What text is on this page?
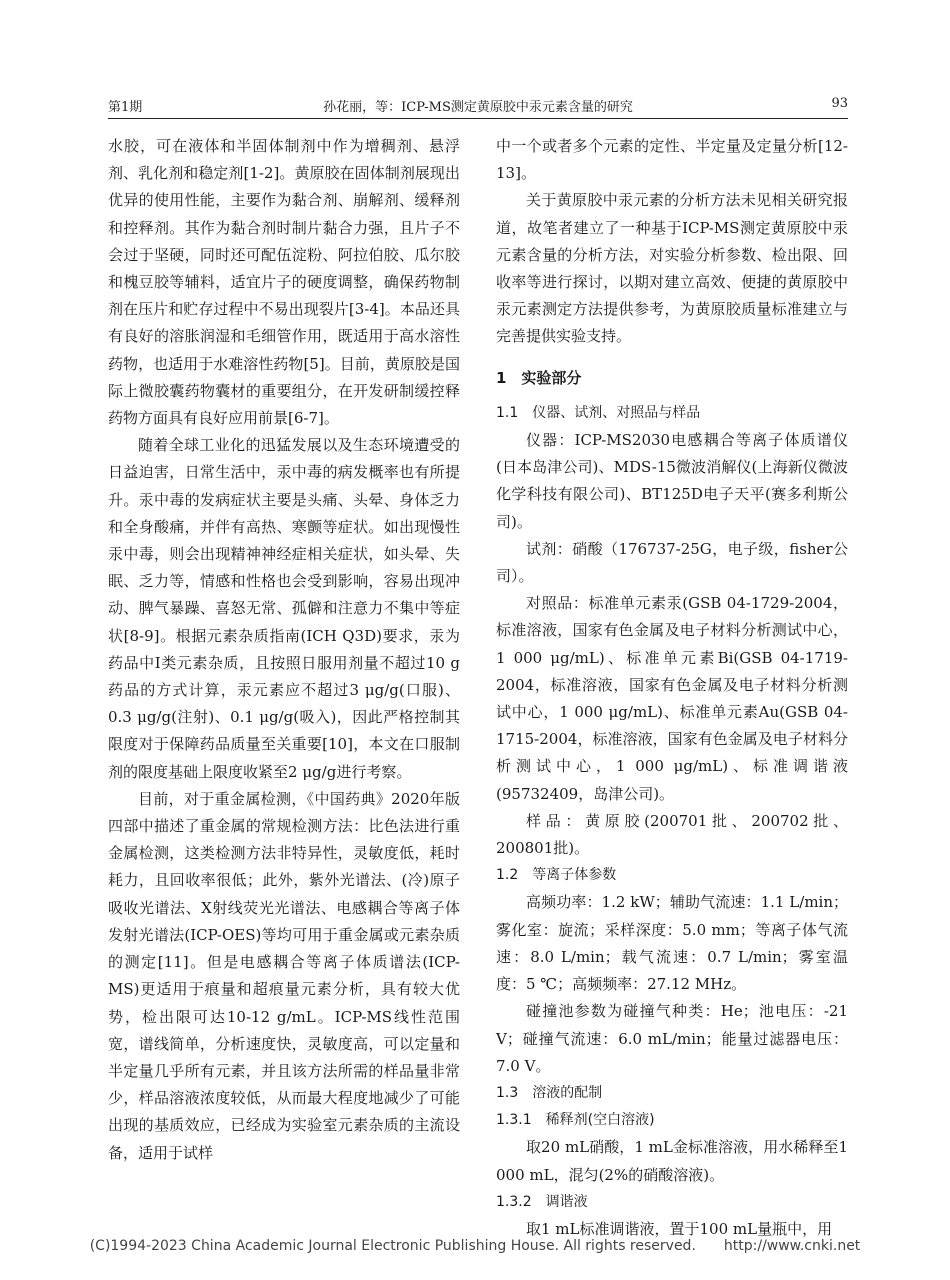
第1期	孙花丽，等：ICP-MS测定黄原胶中汞元素含量的研究	93

水胶，可在液体和半固体制剂中作为增稠剂、悬浮剂、乳化剂和稳定剂[1-2]。黄原胶在固体制剂展现出优异的使用性能，主要作为黏合剂、崩解剂、缓释剂和控释剂。其作为黏合剂时制片黏合力强，且片子不会过于坚硬，同时还可配伍淀粉、阿拉伯胶、瓜尔胶和槐豆胶等辅料，适宜片子的硬度调整，确保药物制剂在压片和贮存过程中不易出现裂片[3-4]。本品还具有良好的溶胀润湿和毛细管作用，既适用于高水溶性药物，也适用于水难溶性药物[5]。目前，黄原胶是国际上微胶囊药物囊材的重要组分，在开发研制缓控释药物方面具有良好应用前景[6-7]。

随着全球工业化的迅猛发展以及生态环境遭受的日益迫害，日常生活中，汞中毒的病发概率也有所提升。汞中毒的发病症状主要是头痛、头晕、身体乏力和全身酸痛，并伴有高热、寒颤等症状。如出现慢性汞中毒，则会出现精神神经症相关症状，如头晕、失眠、乏力等，情感和性格也会受到影响，容易出现冲动、脾气暴躁、喜怒无常、孤僻和注意力不集中等症状[8-9]。根据元素杂质指南(ICH Q3D)要求，汞为药品中Ⅰ类元素杂质，且按照日服用剂量不超过10 g药品的方式计算，汞元素应不超过3 μg/g(口服)、0.3 μg/g(注射)、0.1 μg/g(吸入)，因此严格控制其限度对于保障药品质量至关重要[10]，本文在口服制剂的限度基础上限度收紧至2 μg/g进行考察。

目前，对于重金属检测，《中国药典》2020年版四部中描述了重金属的常规检测方法：比色法进行重金属检测，这类检测方法非特异性，灵敏度低，耗时耗力，且回收率很低；此外，紫外光谱法、(冷)原子吸收光谱法、X射线荧光光谱法、电感耦合等离子体发射光谱法(ICP-OES)等均可用于重金属或元素杂质的测定[11]。但是电感耦合等离子体质谱法(ICP-MS)更适用于痕量和超痕量元素分析，具有较大优势，检出限可达10-12 g/mL。ICP-MS线性范围宽，谱线简单，分析速度快，灵敏度高，可以定量和半定量几乎所有元素，并且该方法所需的样品量非常少，样品溶液浓度较低，从而最大程度地减少了可能出现的基质效应，已经成为实验室元素杂质的主流设备，适用于试样

中一个或者多个元素的定性、半定量及定量分析[12-13]。

关于黄原胶中汞元素的分析方法未见相关研究报道，故笔者建立了一种基于ICP-MS测定黄原胶中汞元素含量的分析方法，对实验分析参数、检出限、回收率等进行探讨，以期对建立高效、便捷的黄原胶中汞元素测定方法提供参考，为黄原胶质量标准建立与完善提供实验支持。

1　实验部分

1.1　仪器、试剂、对照品与样品

仪器：ICP-MS2030电感耦合等离子体质谱仪(日本岛津公司)、MDS-15微波消解仪(上海新仪微波化学科技有限公司)、BT125D电子天平(赛多利斯公司)。

试剂：硝酸（176737-25G，电子级，fisher公司）。

对照品：标准单元素汞(GSB 04-1729-2004，标准溶液，国家有色金属及电子材料分析测试中心，1 000 μg/mL)、标准单元素Bi(GSB 04-1719-2004，标准溶液，国家有色金属及电子材料分析测试中心，1 000 μg/mL)、标准单元素Au(GSB 04-1715-2004，标准溶液，国家有色金属及电子材料分析测试中心，1 000 μg/mL)、标准调谐液(95732409，岛津公司)。

样品：黄原胶(200701批、200702批、200801批)。

1.2　等离子体参数

高频功率：1.2 kW；辅助气流速：1.1 L/min；雾化室：旋流；采样深度：5.0 mm；等离子体气流速：8.0 L/min；载气流速：0.7 L/min；雾室温度：5 ℃；高频频率：27.12 MHz。

碰撞池参数为碰撞气种类：He；池电压：-21 V；碰撞气流速：6.0 mL/min；能量过滤器电压：7.0 V。

1.3　溶液的配制

1.3.1　稀释剂(空白溶液)

取20 mL硝酸，1 mL金标准溶液，用水稀释至1 000 mL，混匀(2%的硝酸溶液)。

1.3.2　调谐液

取1 mL标准调谐液，置于100 mL量瓶中，用

(C)1994-2023 China Academic Journal Electronic Publishing House. All rights reserved.　　http://www.cnki.net
